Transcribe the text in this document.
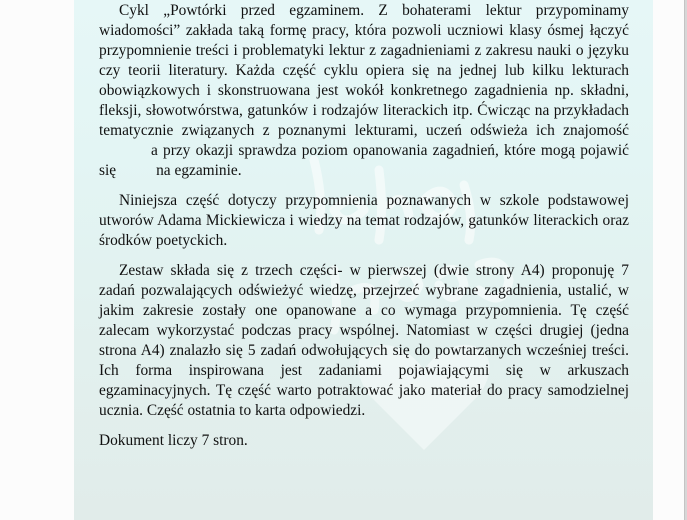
Cykl „Powtórki przed egzaminem. Z bohaterami lektur przypominamy wiadomości” zakłada taką formę pracy, która pozwoli uczniowi klasy ósmej łączyć przypomnienie treści i problematyki lektur z zagadnieniami z zakresu nauki o języku czy teorii literatury. Każda część cyklu opiera się na jednej lub kilku lekturach obowiązkowych i skonstruowana jest wokół konkretnego zagadnienia np. składni, fleksji, słowotwórstwa, gatunków i rodzajów literackich itp. Ćwicząc na przykładach tematycznie związanych z poznanymi lekturami, uczeń odświeża ich znajomośća przy okazji sprawdza poziom opanowania zagadnień, które mogą pojawić się	na egzaminie.

Niniejsza część dotyczy przypomnienia poznawanych w szkole podstawowej utworów Adama Mickiewicza i wiedzy na temat rodzajów, gatunków literackich oraz środków poetyckich.

Zestaw składa się z trzech części- w pierwszej (dwie strony A4) proponuję 7 zadań pozwalających odświeżyć wiedzę, przejrzeć wybrane zagadnienia, ustalić, w jakim zakresie zostały one opanowane a co wymaga przypomnienia. Tę część zalecam wykorzystać podczas pracy wspólnej. Natomiast w części drugiej (jedna strona A4) znalazło się 5 zadań odwołujących się do powtarzanych wcześniej treści. Ich forma inspirowana jest zadaniami pojawiającymi się w arkuszach egzaminacyjnych. Tę część warto potraktować jako materiał do pracy samodzielnej ucznia. Część ostatnia to karta odpowiedzi.

Dokument liczy 7 stron.
